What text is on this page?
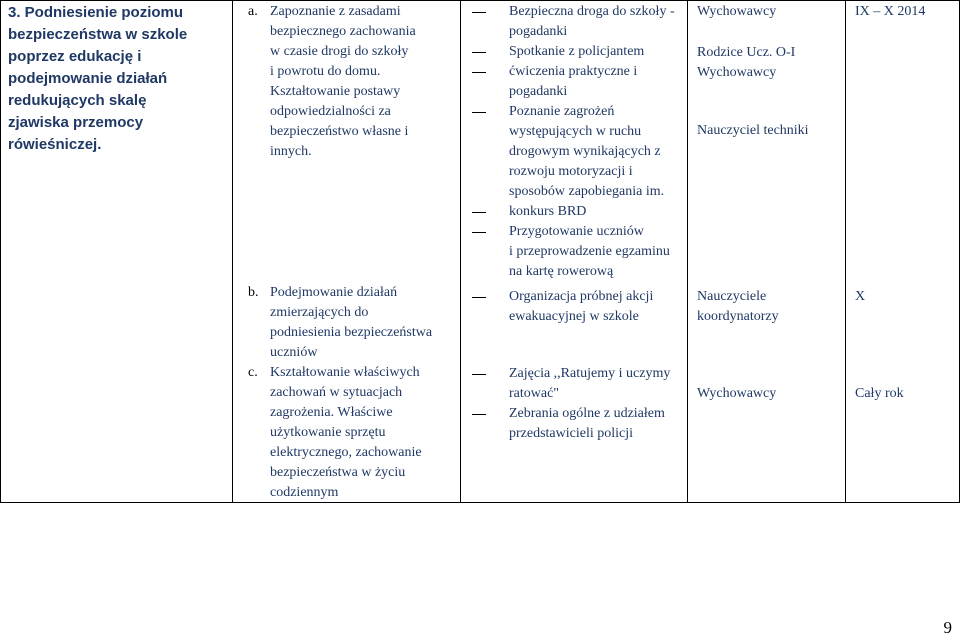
3. Podniesienie poziomu
bezpieczeństwa w szkole
poprzez edukację i
podejmowanie działań
redukujących skalę
zjawiska przemocy
rówieśniczej.
a. Zapoznanie z zasadami
bezpiecznego zachowania
w czasie drogi do szkoły
i powrotu do domu.
Kształtowanie postawy
odpowiedzialności za
bezpieczeństwo własne i
innych.
b. Podejmowanie działań
zmierzających do
podniesienia bezpieczeństwa
uczniów
c. Kształtowanie właściwych
zachowań w sytuacjach
zagrożenia. Właściwe
użytkowanie sprzętu
elektrycznego, zachowanie
bezpieczeństwa w życiu
codziennym
Bezpieczna droga do szkoły -
pogadanki
Spotkanie z policjantem
ćwiczenia praktyczne i
pogadanki
Poznanie zagrożeń
występujących w ruchu
drogowym wynikających z
rozwoju motoryzacji i
sposobów zapobiegania im.
konkurs BRD
Przygotowanie uczniów
i przeprowadzenie egzaminu
na kartę rowerową
Organizacja próbnej akcji
ewakuacyjnej w szkole
Zajęcia ,,Ratujemy i uczymy
ratować"
Zebrania ogólne z udziałem
przedstawicieli policji
Wychowawcy
Rodzice Ucz. O-I
Wychowawcy
Nauczyciel techniki
Nauczyciele
koordynatorzy
Wychowawcy
IX – X 2014
X
Cały rok
9
